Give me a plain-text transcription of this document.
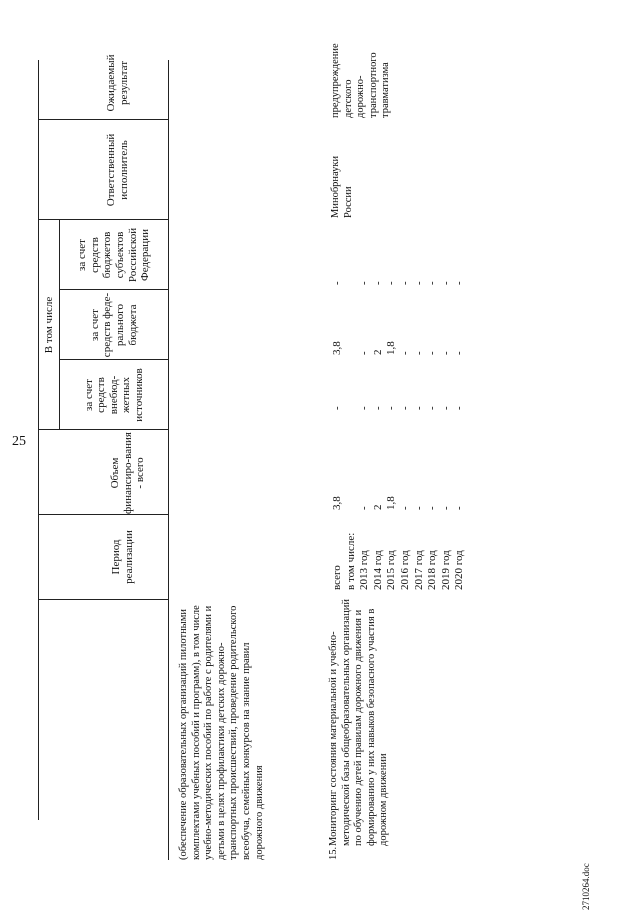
25
Период реализации
Объем финансиро-вания - всего
В том числе	за счет средств феде-рального бюджета
за счет средств бюджетов субъектов Российской Федерации
за счет средств внебюд-жетных источников
Ответственный исполнитель
Ожидаемый результат
(обеспечение образовательных организаций пилотными комплектами учебных пособий и программ), в том числе учебно-методических пособий по работе с родителями и детьми в целях профилактики детских дорожно-транспортных происшествий, проведение родительского всеобуча, семейных конкурсов на знание правил дорожного движения	15.
Мониторинг состояния материальной и учебно-методической базы общеобразовательных организаций по обучению детей правилам дорожного движения и формированию у них навыков безопасного участия в дорожном движении
всего в том числе: 2013 год 2014 год 2015 год 2016 год 2017 год 2018 год 2019 год 2020 год
3,8 - 2 1,8 - - - - -
3,8 - 2 1,8 - - - - -
- - - - - - - - -
- - - - - - - - -
Минобрнауки России
предупреждение детского дорожно-транспортного травматизма
2710264.doc
